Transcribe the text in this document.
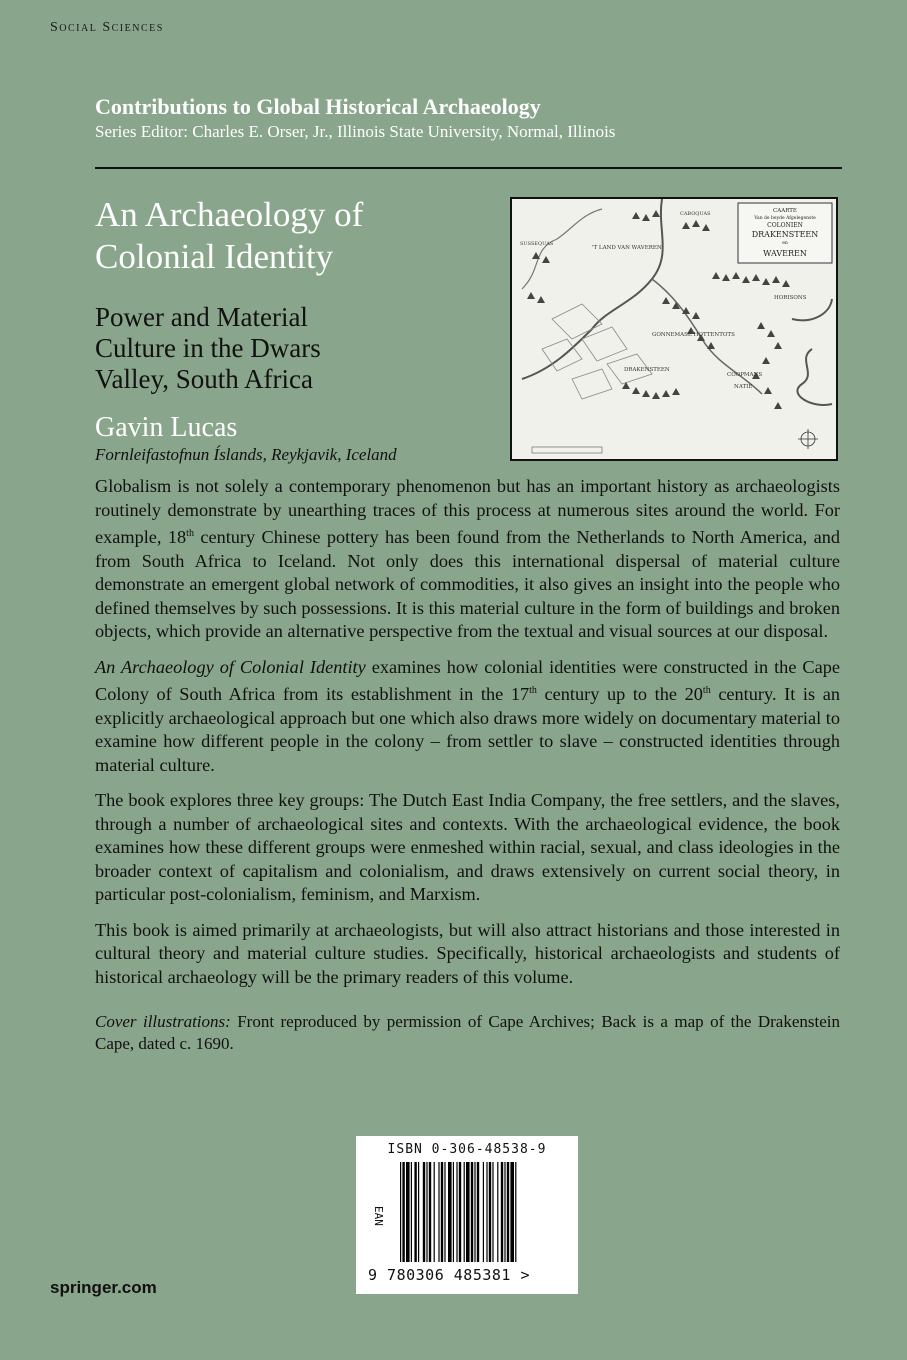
Social Sciences
Contributions to Global Historical Archaeology
Series Editor: Charles E. Orser, Jr., Illinois State University, Normal, Illinois
An Archaeology of
Colonial Identity
Power and Material
Culture in the Dwars
Valley, South Africa
Gavin Lucas
Fornleifastofnun Íslands, Reykjavik, Iceland
CAARTE
Van de beyde Afgelegenste
COLONIEN
DRAKENSTEEN
en
WAVEREN
'T LAND VAN WAVEREN
GONNEMASE HOTTENTOTS
DRAKENSTEEN
HORISONS
COOPMANS
NATIE
CABOQUAS
SUSSEQUAS

Globalism is not solely a contemporary phenomenon but has an important history as archaeologists routinely demonstrate by unearthing traces of this process at numerous sites around the world. For example, 18th century Chinese pottery has been found from the Netherlands to North America, and from South Africa to Iceland. Not only does this international dispersal of material culture demonstrate an emergent global network of commodities, it also gives an insight into the people who defined themselves by such possessions. It is this material culture in the form of buildings and broken objects, which provide an alternative perspective from the textual and visual sources at our disposal.

An Archaeology of Colonial Identity examines how colonial identities were constructed in the Cape Colony of South Africa from its establishment in the 17th century up to the 20th century. It is an explicitly archaeological approach but one which also draws more widely on documentary material to examine how different people in the colony – from settler to slave – constructed identities through material culture.

The book explores three key groups: The Dutch East India Company, the free settlers, and the slaves, through a number of archaeological sites and contexts. With the archaeological evidence, the book examines how these different groups were enmeshed within racial, sexual, and class ideologies in the broader context of capitalism and colonialism, and draws extensively on current social theory, in particular post-colonialism, feminism, and Marxism.

This book is aimed primarily at archaeologists, but will also attract historians and those interested in cultural theory and material culture studies. Specifically, historical archaeologists and students of historical archaeology will be the primary readers of this volume.

Cover illustrations: Front reproduced by permission of Cape Archives; Back is a map of the Drakenstein Cape, dated c. 1690.

ISBN 0-306-48538-9
EAN
9 780306 485381 >
springer.com
